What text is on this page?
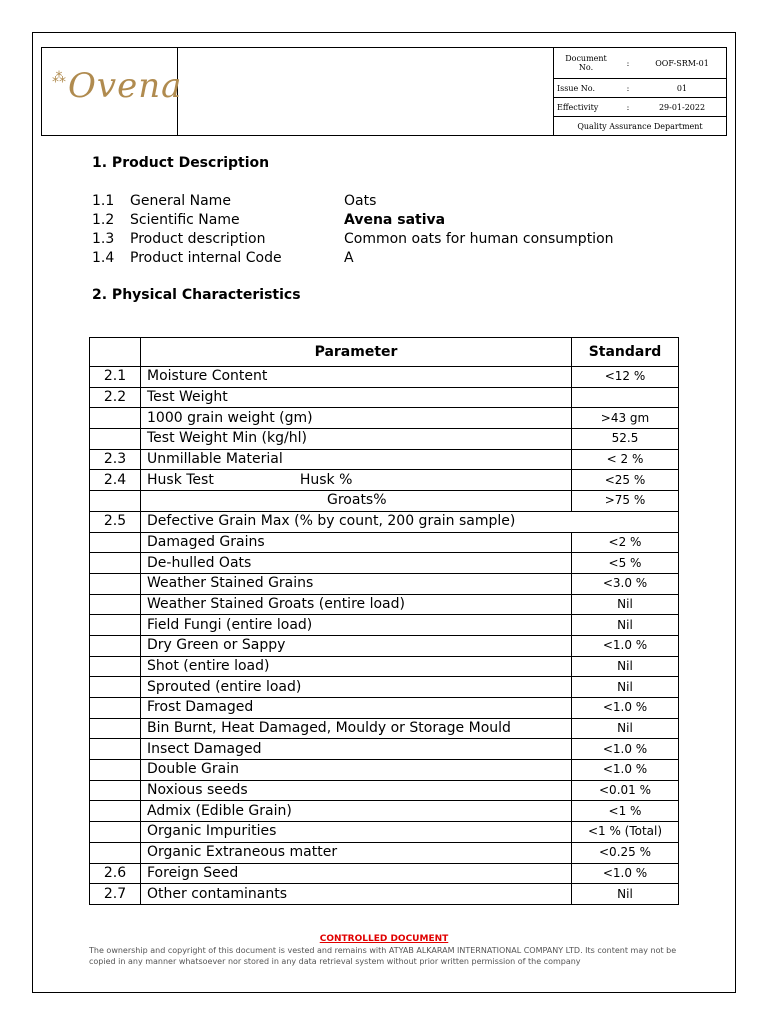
⁂ Ovena

Document No.	:	OOF-SRM-01
Issue No.	:	01
Effectivity	:	29-01-2022
Quality Assurance Department
1. Product Description
1.1	General Name	Oats
1.2	Scientific Name	Avena sativa
1.3	Product description	Common oats for human consumption
1.4	Product internal Code	A
2. Physical Characteristics
	Parameter	Standard
2.1	Moisture Content	<12 %
2.2	Test Weight	
	1000 grain weight (gm)	>43 gm
	Test Weight Min (kg/hl)	52.5
2.3	Unmillable Material	< 2 %
2.4	Husk Test Husk %	<25 %
	Groats%	>75 %
2.5	Defective Grain Max (% by count, 200 grain sample)	
	Damaged Grains	<2 %
	De-hulled Oats	<5 %
	Weather Stained Grains	<3.0 %
	Weather Stained Groats (entire load)	Nil
	Field Fungi (entire load)	Nil
	Dry Green or Sappy	<1.0 %
	Shot (entire load)	Nil
	Sprouted (entire load)	Nil
	Frost Damaged	<1.0 %
	Bin Burnt, Heat Damaged, Mouldy or Storage Mould	Nil
	Insect Damaged	<1.0 %
	Double Grain	<1.0 %
	Noxious seeds	<0.01 %
	Admix (Edible Grain)	<1 %
	Organic Impurities	<1 % (Total)
	Organic Extraneous matter	<0.25 %
2.6	Foreign Seed	<1.0 %
2.7	Other contaminants	Nil
CONTROLLED DOCUMENT
The ownership and copyright of this document is vested and remains with ATYAB ALKARAM INTERNATIONAL COMPANY LTD. Its content may not be copied in any manner whatsoever nor stored in any data retrieval system without prior written permission of the company
